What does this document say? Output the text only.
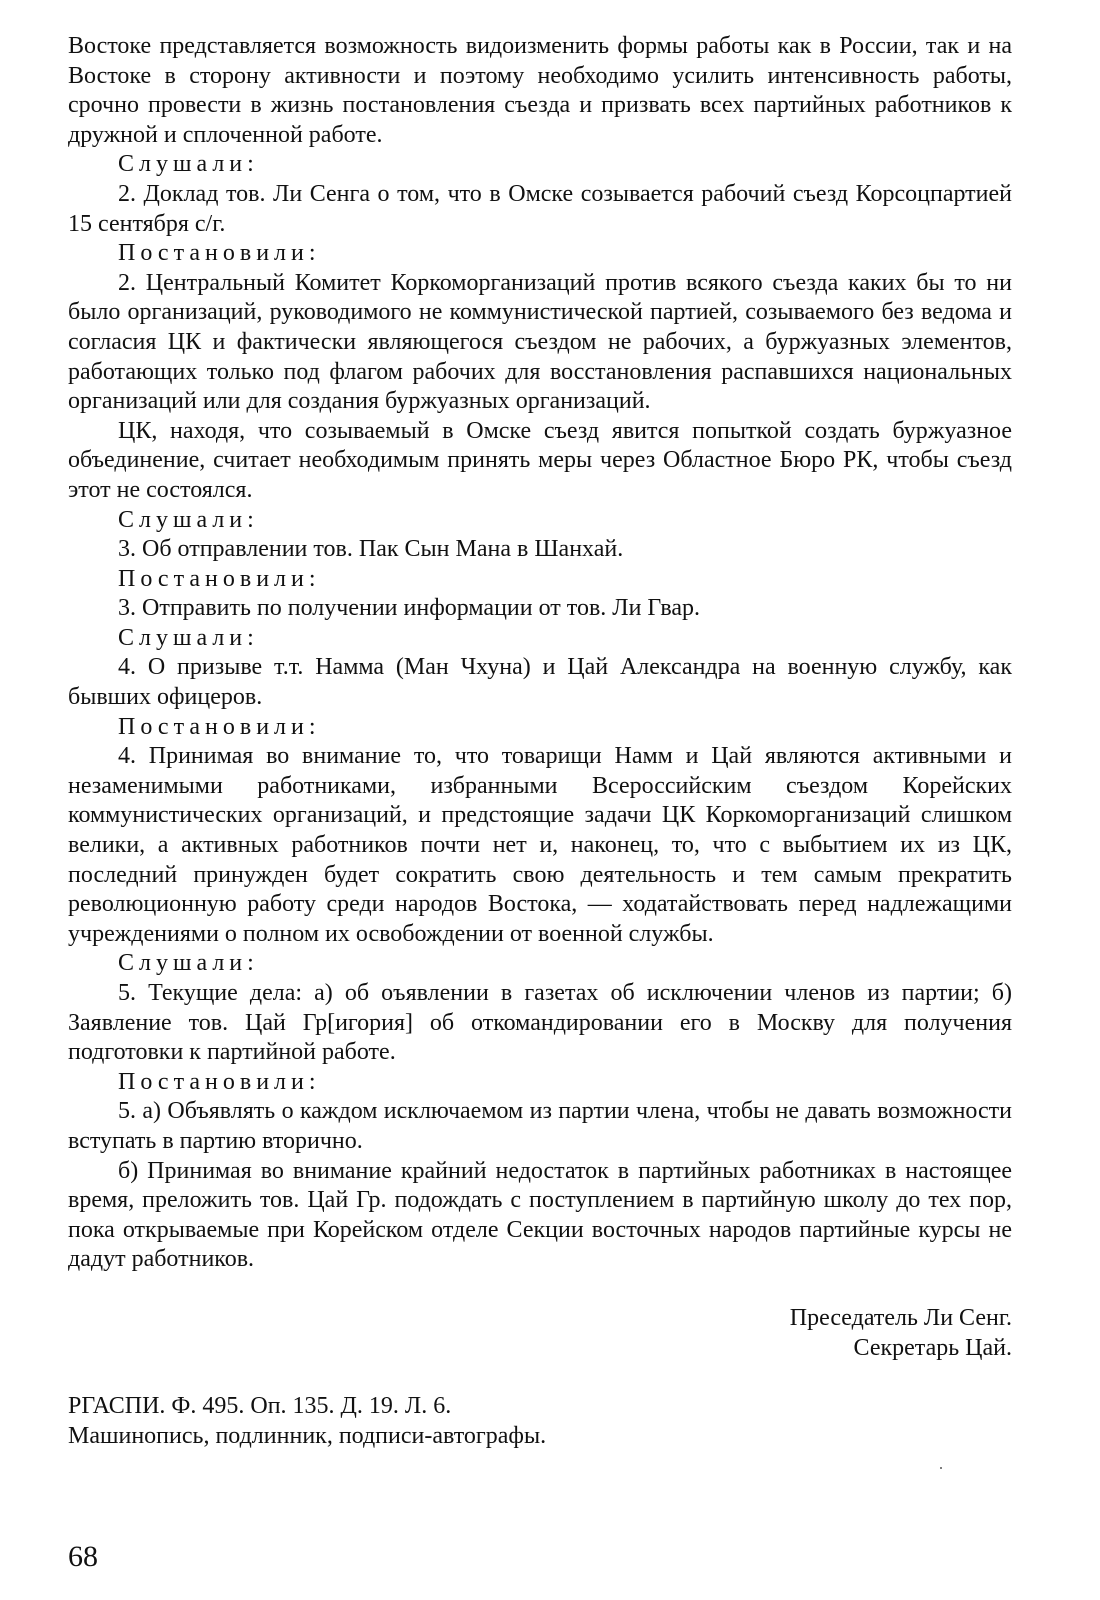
Востоке представляется возможность видоизменить формы работы как в России, так и на Востоке в сторону активности и поэтому необходимо усилить интенсивность работы, срочно провести в жизнь постановления съезда и призвать всех партийных работников к дружной и сплоченной работе.

Слушали:

2. Доклад тов. Ли Сенга о том, что в Омске созывается рабочий съезд Корсоцпартией 15 сентября с/г.

Постановили:

2. Центральный Комитет Коркоморганизаций против всякого съезда каких бы то ни было организаций, руководимого не коммунистической партией, созываемого без ведома и согласия ЦК и фактически являющегося съездом не рабочих, а буржуазных элементов, работающих только под флагом рабочих для восстановления распавшихся национальных организаций или для создания буржуазных организаций.

ЦК, находя, что созываемый в Омске съезд явится попыткой создать буржуазное объединение, считает необходимым принять меры через Областное Бюро РК, чтобы съезд этот не состоялся.

Слушали:

3. Об отправлении тов. Пак Сын Мана в Шанхай.

Постановили:

3. Отправить по получении информации от тов. Ли Гвар.

Слушали:

4. О призыве т.т. Намма (Ман Чхуна) и Цай Александра на военную службу, как бывших офицеров.

Постановили:

4. Принимая во внимание то, что товарищи Намм и Цай являются активными и незаменимыми работниками, избранными Всероссийским съездом Корейских коммунистических организаций, и предстоящие задачи ЦК Коркоморганизаций слишком велики, а активных работников почти нет и, наконец, то, что с выбытием их из ЦК, последний принужден будет сократить свою деятельность и тем самым прекратить революционную работу среди народов Востока, — ходатайствовать перед надлежащими учреждениями о полном их освобождении от военной службы.

Слушали:

5. Текущие дела: а) об оъявлении в газетах об исключении членов из партии; б) Заявление тов. Цай Гр[игория] об откомандировании его в Москву для получения подготовки к партийной работе.

Постановили:

5. а) Объявлять о каждом исключаемом из партии члена, чтобы не давать возможности вступать в партию вторично.

б) Принимая во внимание крайний недостаток в партийных работниках в настоящее время, преложить тов. Цай Гр. подождать с поступлением в партийную школу до тех пор, пока открываемые при Корейском отделе Секции восточных народов партийные курсы не дадут работников.

Преседатель Ли Сенг.

Секретарь Цай.

РГАСПИ. Ф. 495. Оп. 135. Д. 19. Л. 6.

Машинопись, подлинник, подписи-автографы.

68
